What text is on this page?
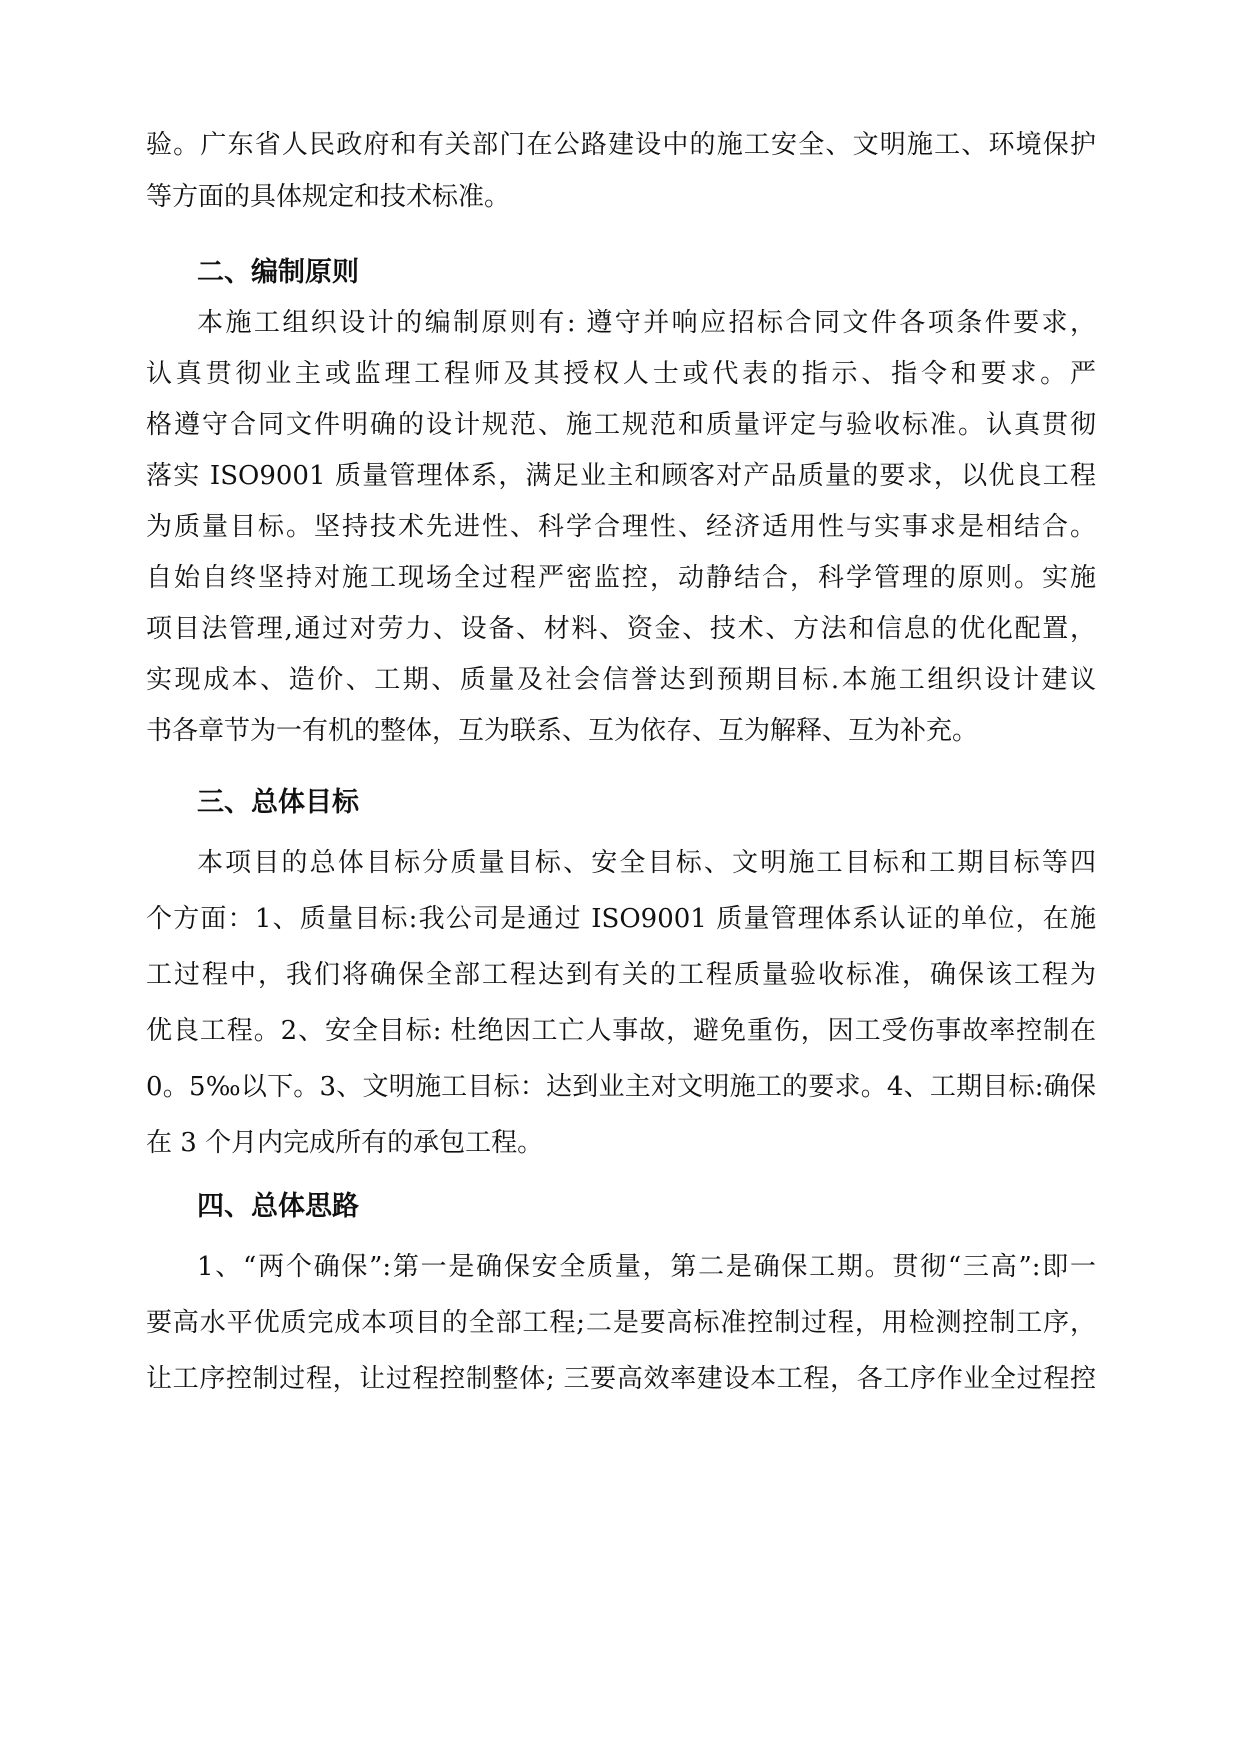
验。广东省人民政府和有关部门在公路建设中的施工安全、文明施工、环境保护
等方面的具体规定和技术标准。
二、编制原则
本施工组织设计的编制原则有: 遵守并响应招标合同文件各项条件要求，
认真贯彻业主或监理工程师及其授权人士或代表的指示、指令和要求。严
格遵守合同文件明确的设计规范、施工规范和质量评定与验收标准。认真贯彻
落实 ISO9001 质量管理体系，满足业主和顾客对产品质量的要求，以优良工程
为质量目标。坚持技术先进性、科学合理性、经济适用性与实事求是相结合。
自始自终坚持对施工现场全过程严密监控，动静结合，科学管理的原则。实施
项目法管理,通过对劳力、设备、材料、资金、技术、方法和信息的优化配置，
实现成本、造价、工期、质量及社会信誉达到预期目标.本施工组织设计建议
书各章节为一有机的整体，互为联系、互为依存、互为解释、互为补充。
三、总体目标
本项目的总体目标分质量目标、安全目标、文明施工目标和工期目标等四
个方面：1、质量目标:我公司是通过 ISO9001 质量管理体系认证的单位，在施
工过程中，我们将确保全部工程达到有关的工程质量验收标准，确保该工程为
优良工程。2、安全目标: 杜绝因工亡人事故，避免重伤，因工受伤事故率控制在
0。5‰以下。3、文明施工目标：达到业主对文明施工的要求。4、工期目标:确保
在 3 个月内完成所有的承包工程。
四、总体思路
1、“两个确保”:第一是确保安全质量，第二是确保工期。贯彻“三高”:即一
要高水平优质完成本项目的全部工程;二是要高标准控制过程，用检测控制工序，
让工序控制过程，让过程控制整体; 三要高效率建设本工程，各工序作业全过程控
